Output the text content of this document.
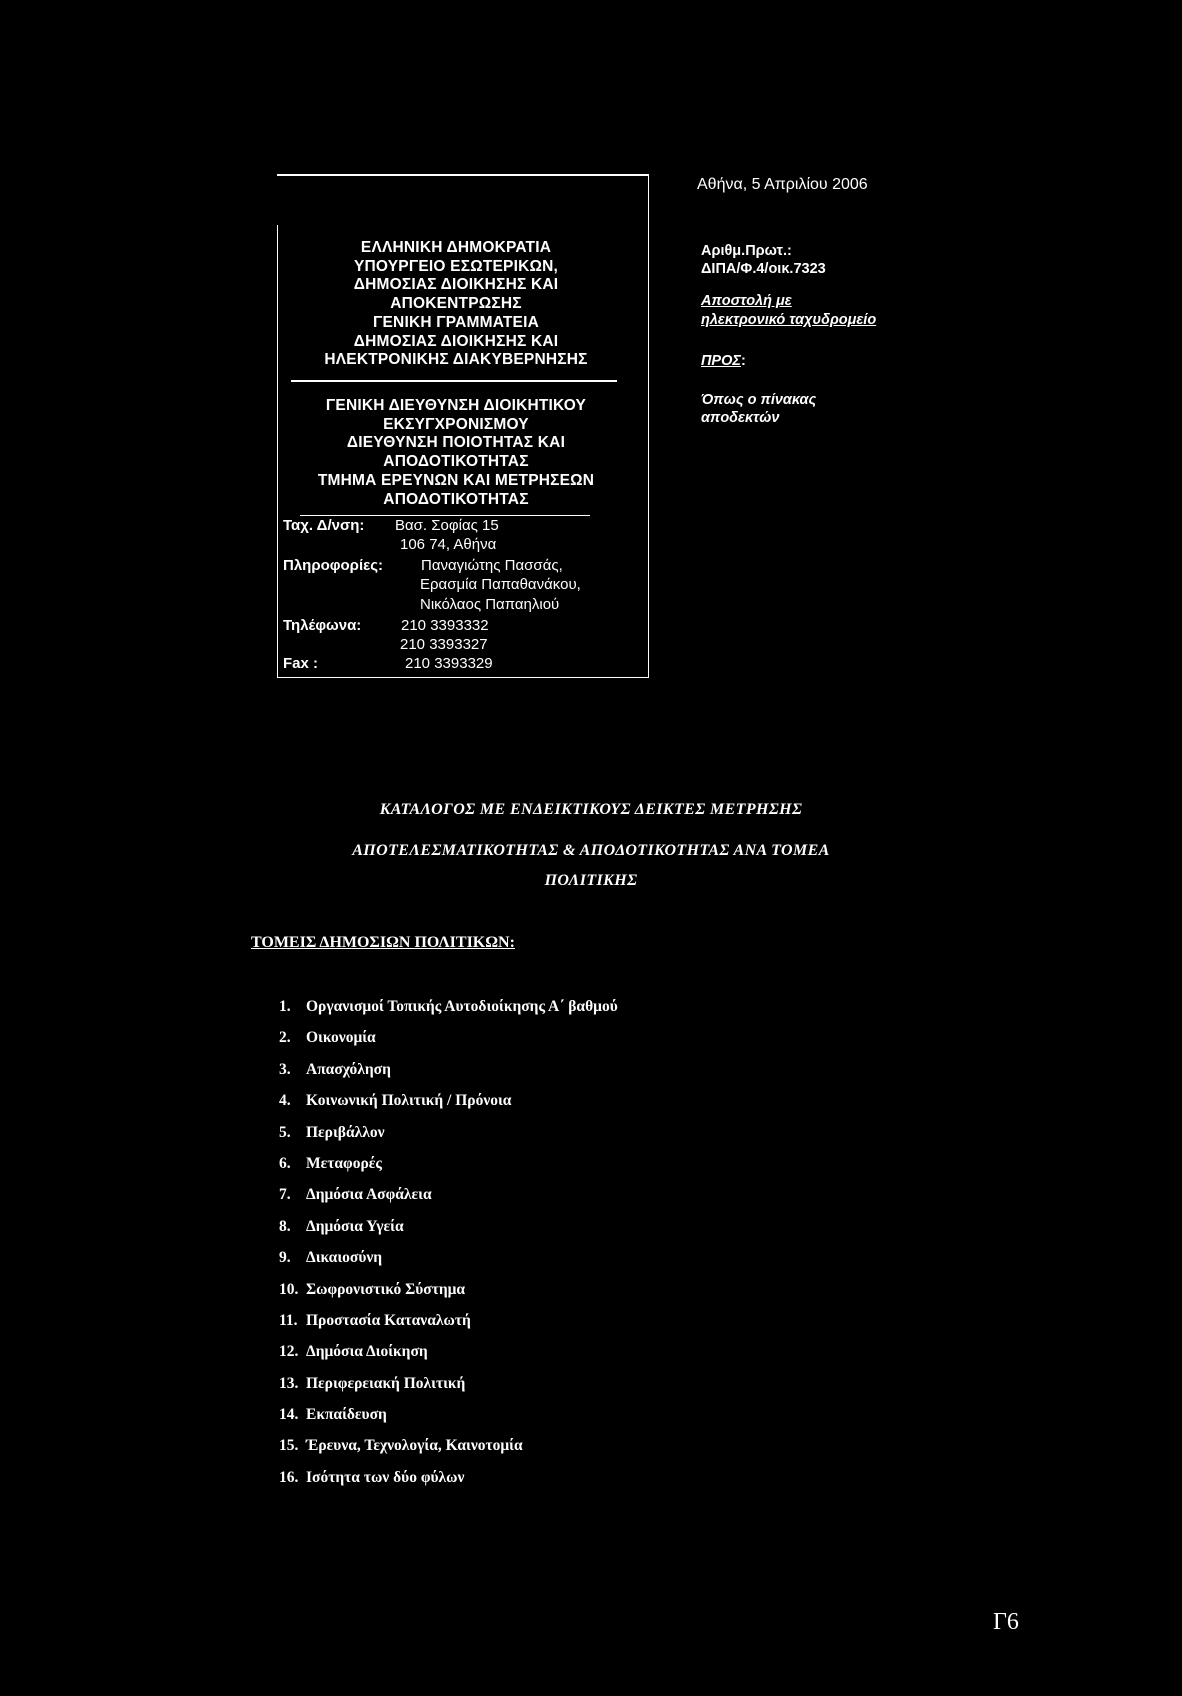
ΕΛΛΗΝΙΚΗ ΔΗΜΟΚΡΑΤΙΑ
ΥΠΟΥΡΓΕΙΟ ΕΣΩΤΕΡΙΚΩΝ,
ΔΗΜΟΣΙΑΣ ΔΙΟΙΚΗΣΗΣ ΚΑΙ
ΑΠΟΚΕΝΤΡΩΣΗΣ
ΓΕΝΙΚΗ ΓΡΑΜΜΑΤΕΙΑ
ΔΗΜΟΣΙΑΣ ΔΙΟΙΚΗΣΗΣ ΚΑΙ
ΗΛΕΚΤΡΟΝΙΚΗΣ ΔΙΑΚΥΒΕΡΝΗΣΗΣ
ΓΕΝΙΚΗ ΔΙΕΥΘΥΝΣΗ ΔΙΟΙΚΗΤΙΚΟΥ
ΕΚΣΥΓΧΡΟΝΙΣΜΟΥ
ΔΙΕΥΘΥΝΣΗ ΠΟΙΟΤΗΤΑΣ ΚΑΙ
ΑΠΟΔΟΤΙΚΟΤΗΤΑΣ
ΤΜΗΜΑ ΕΡΕΥΝΩΝ ΚΑΙ ΜΕΤΡΗΣΕΩΝ
ΑΠΟΔΟΤΙΚΟΤΗΤΑΣ
Ταχ. Δ/νση: Βασ. Σοφίας 15
106 74, Αθήνα
Πληροφορίες:	Παναγιώτης Πασσάς,
Ερασμία Παπαθανάκου,
Νικόλαος Παπαηλιού
Τηλέφωνα:	210 3393332
210 3393327
Fax :	210 3393329
Αθήνα, 5 Απριλίου 2006
Αριθμ.Πρωτ.:
ΔΙΠΑ/Φ.4/οικ.7323
Αποστολή με
ηλεκτρονικό ταχυδρομείο
ΠΡΟΣ :
Όπως ο πίνακας
αποδεκτών
ΚΑΤΑΛΟΓΟΣ ΜΕ ΕΝΔΕΙΚΤΙΚΟΥΣ ΔΕΙΚΤΕΣ ΜΕΤΡΗΣΗΣ
ΑΠΟΤΕΛΕΣΜΑΤΙΚΟΤΗΤΑΣ & ΑΠΟΔΟΤΙΚΟΤΗΤΑΣ ΑΝΑ ΤΟΜΕΑ
ΠΟΛΙΤΙΚΗΣ
ΤΟΜΕΙΣ ΔΗΜΟΣΙΩΝ ΠΟΛΙΤΙΚΩΝ:
1. Οργανισμοί Τοπικής Αυτοδιοίκησης Α΄ βαθμού
2. Οικονομία
3. Απασχόληση
4. Κοινωνική Πολιτική / Πρόνοια
5. Περιβάλλον
6. Μεταφορές
7. Δημόσια Ασφάλεια
8. Δημόσια Υγεία
9. Δικαιοσύνη
10. Σωφρονιστικό Σύστημα
11. Προστασία Καταναλωτή
12. Δημόσια Διοίκηση
13. Περιφερειακή Πολιτική
14. Εκπαίδευση
15. Έρευνα, Τεχνολογία, Καινοτομία
16. Ισότητα των δύο φύλων
Γ6
